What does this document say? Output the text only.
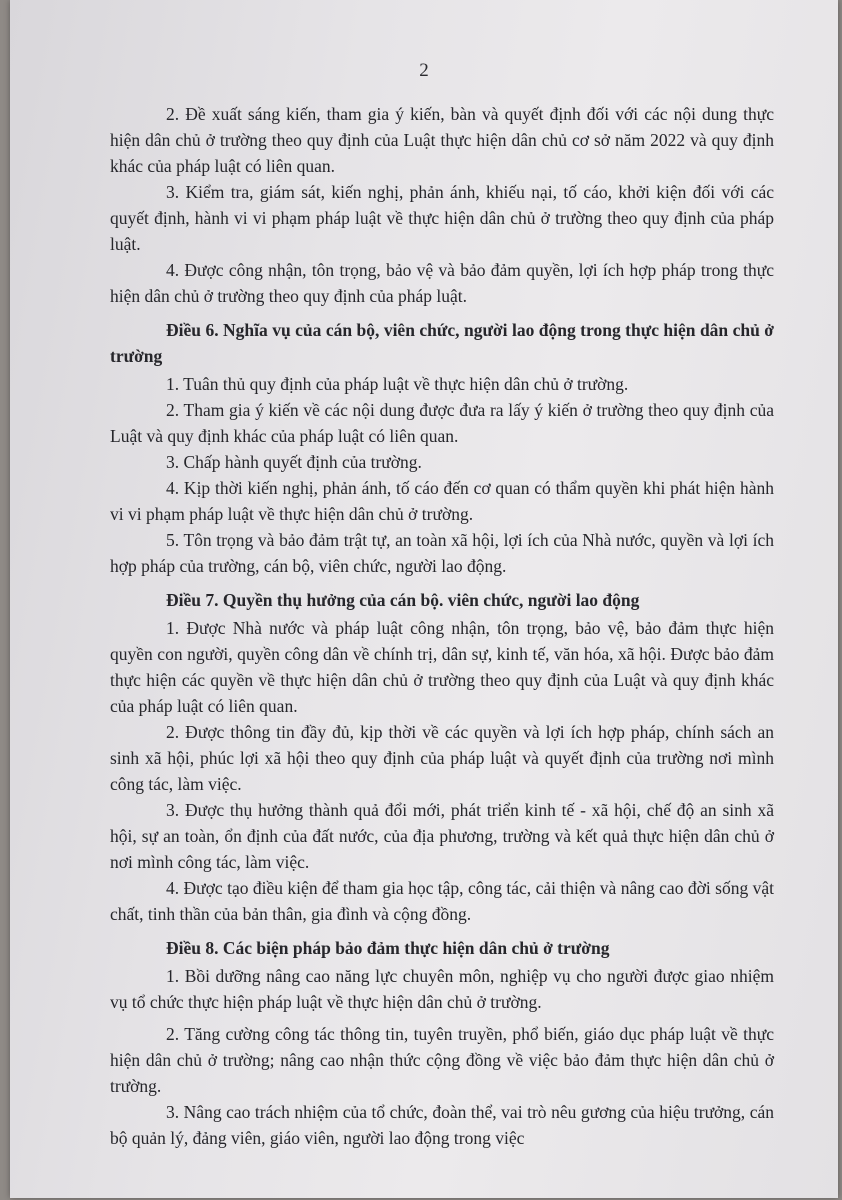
2

2. Đề xuất sáng kiến, tham gia ý kiến, bàn và quyết định đối với các nội dung thực hiện dân chủ ở trường theo quy định của Luật thực hiện dân chủ cơ sở năm 2022 và quy định khác của pháp luật có liên quan.

3. Kiểm tra, giám sát, kiến nghị, phản ánh, khiếu nại, tố cáo, khởi kiện đối với các quyết định, hành vi vi phạm pháp luật về thực hiện dân chủ ở trường theo quy định của pháp luật.

4. Được công nhận, tôn trọng, bảo vệ và bảo đảm quyền, lợi ích hợp pháp trong thực hiện dân chủ ở trường theo quy định của pháp luật.

Điều 6. Nghĩa vụ của cán bộ, viên chức, người lao động trong thực hiện dân chủ ở trường

1. Tuân thủ quy định của pháp luật về thực hiện dân chủ ở trường.

2. Tham gia ý kiến về các nội dung được đưa ra lấy ý kiến ở trường theo quy định của Luật và quy định khác của pháp luật có liên quan.

3. Chấp hành quyết định của trường.

4. Kịp thời kiến nghị, phản ánh, tố cáo đến cơ quan có thẩm quyền khi phát hiện hành vi vi phạm pháp luật về thực hiện dân chủ ở trường.

5. Tôn trọng và bảo đảm trật tự, an toàn xã hội, lợi ích của Nhà nước, quyền và lợi ích hợp pháp của trường, cán bộ, viên chức, người lao động.

Điều 7. Quyền thụ hưởng của cán bộ. viên chức, người lao động

1. Được Nhà nước và pháp luật công nhận, tôn trọng, bảo vệ, bảo đảm thực hiện quyền con người, quyền công dân về chính trị, dân sự, kinh tế, văn hóa, xã hội. Được bảo đảm thực hiện các quyền về thực hiện dân chủ ở trường theo quy định của Luật và quy định khác của pháp luật có liên quan.

2. Được thông tin đầy đủ, kịp thời về các quyền và lợi ích hợp pháp, chính sách an sinh xã hội, phúc lợi xã hội theo quy định của pháp luật và quyết định của trường nơi mình công tác, làm việc.

3. Được thụ hưởng thành quả đổi mới, phát triển kinh tế - xã hội, chế độ an sinh xã hội, sự an toàn, ổn định của đất nước, của địa phương, trường và kết quả thực hiện dân chủ ở nơi mình công tác, làm việc.

4. Được tạo điều kiện để tham gia học tập, công tác, cải thiện và nâng cao đời sống vật chất, tinh thần của bản thân, gia đình và cộng đồng.

Điều 8. Các biện pháp bảo đảm thực hiện dân chủ ở trường

1. Bồi dưỡng nâng cao năng lực chuyên môn, nghiệp vụ cho người được giao nhiệm vụ tổ chức thực hiện pháp luật về thực hiện dân chủ ở trường.

2. Tăng cường công tác thông tin, tuyên truyền, phổ biến, giáo dục pháp luật về thực hiện dân chủ ở trường; nâng cao nhận thức cộng đồng về việc bảo đảm thực hiện dân chủ ở trường.

3. Nâng cao trách nhiệm của tổ chức, đoàn thể, vai trò nêu gương của hiệu trưởng, cán bộ quản lý, đảng viên, giáo viên, người lao động trong việc
